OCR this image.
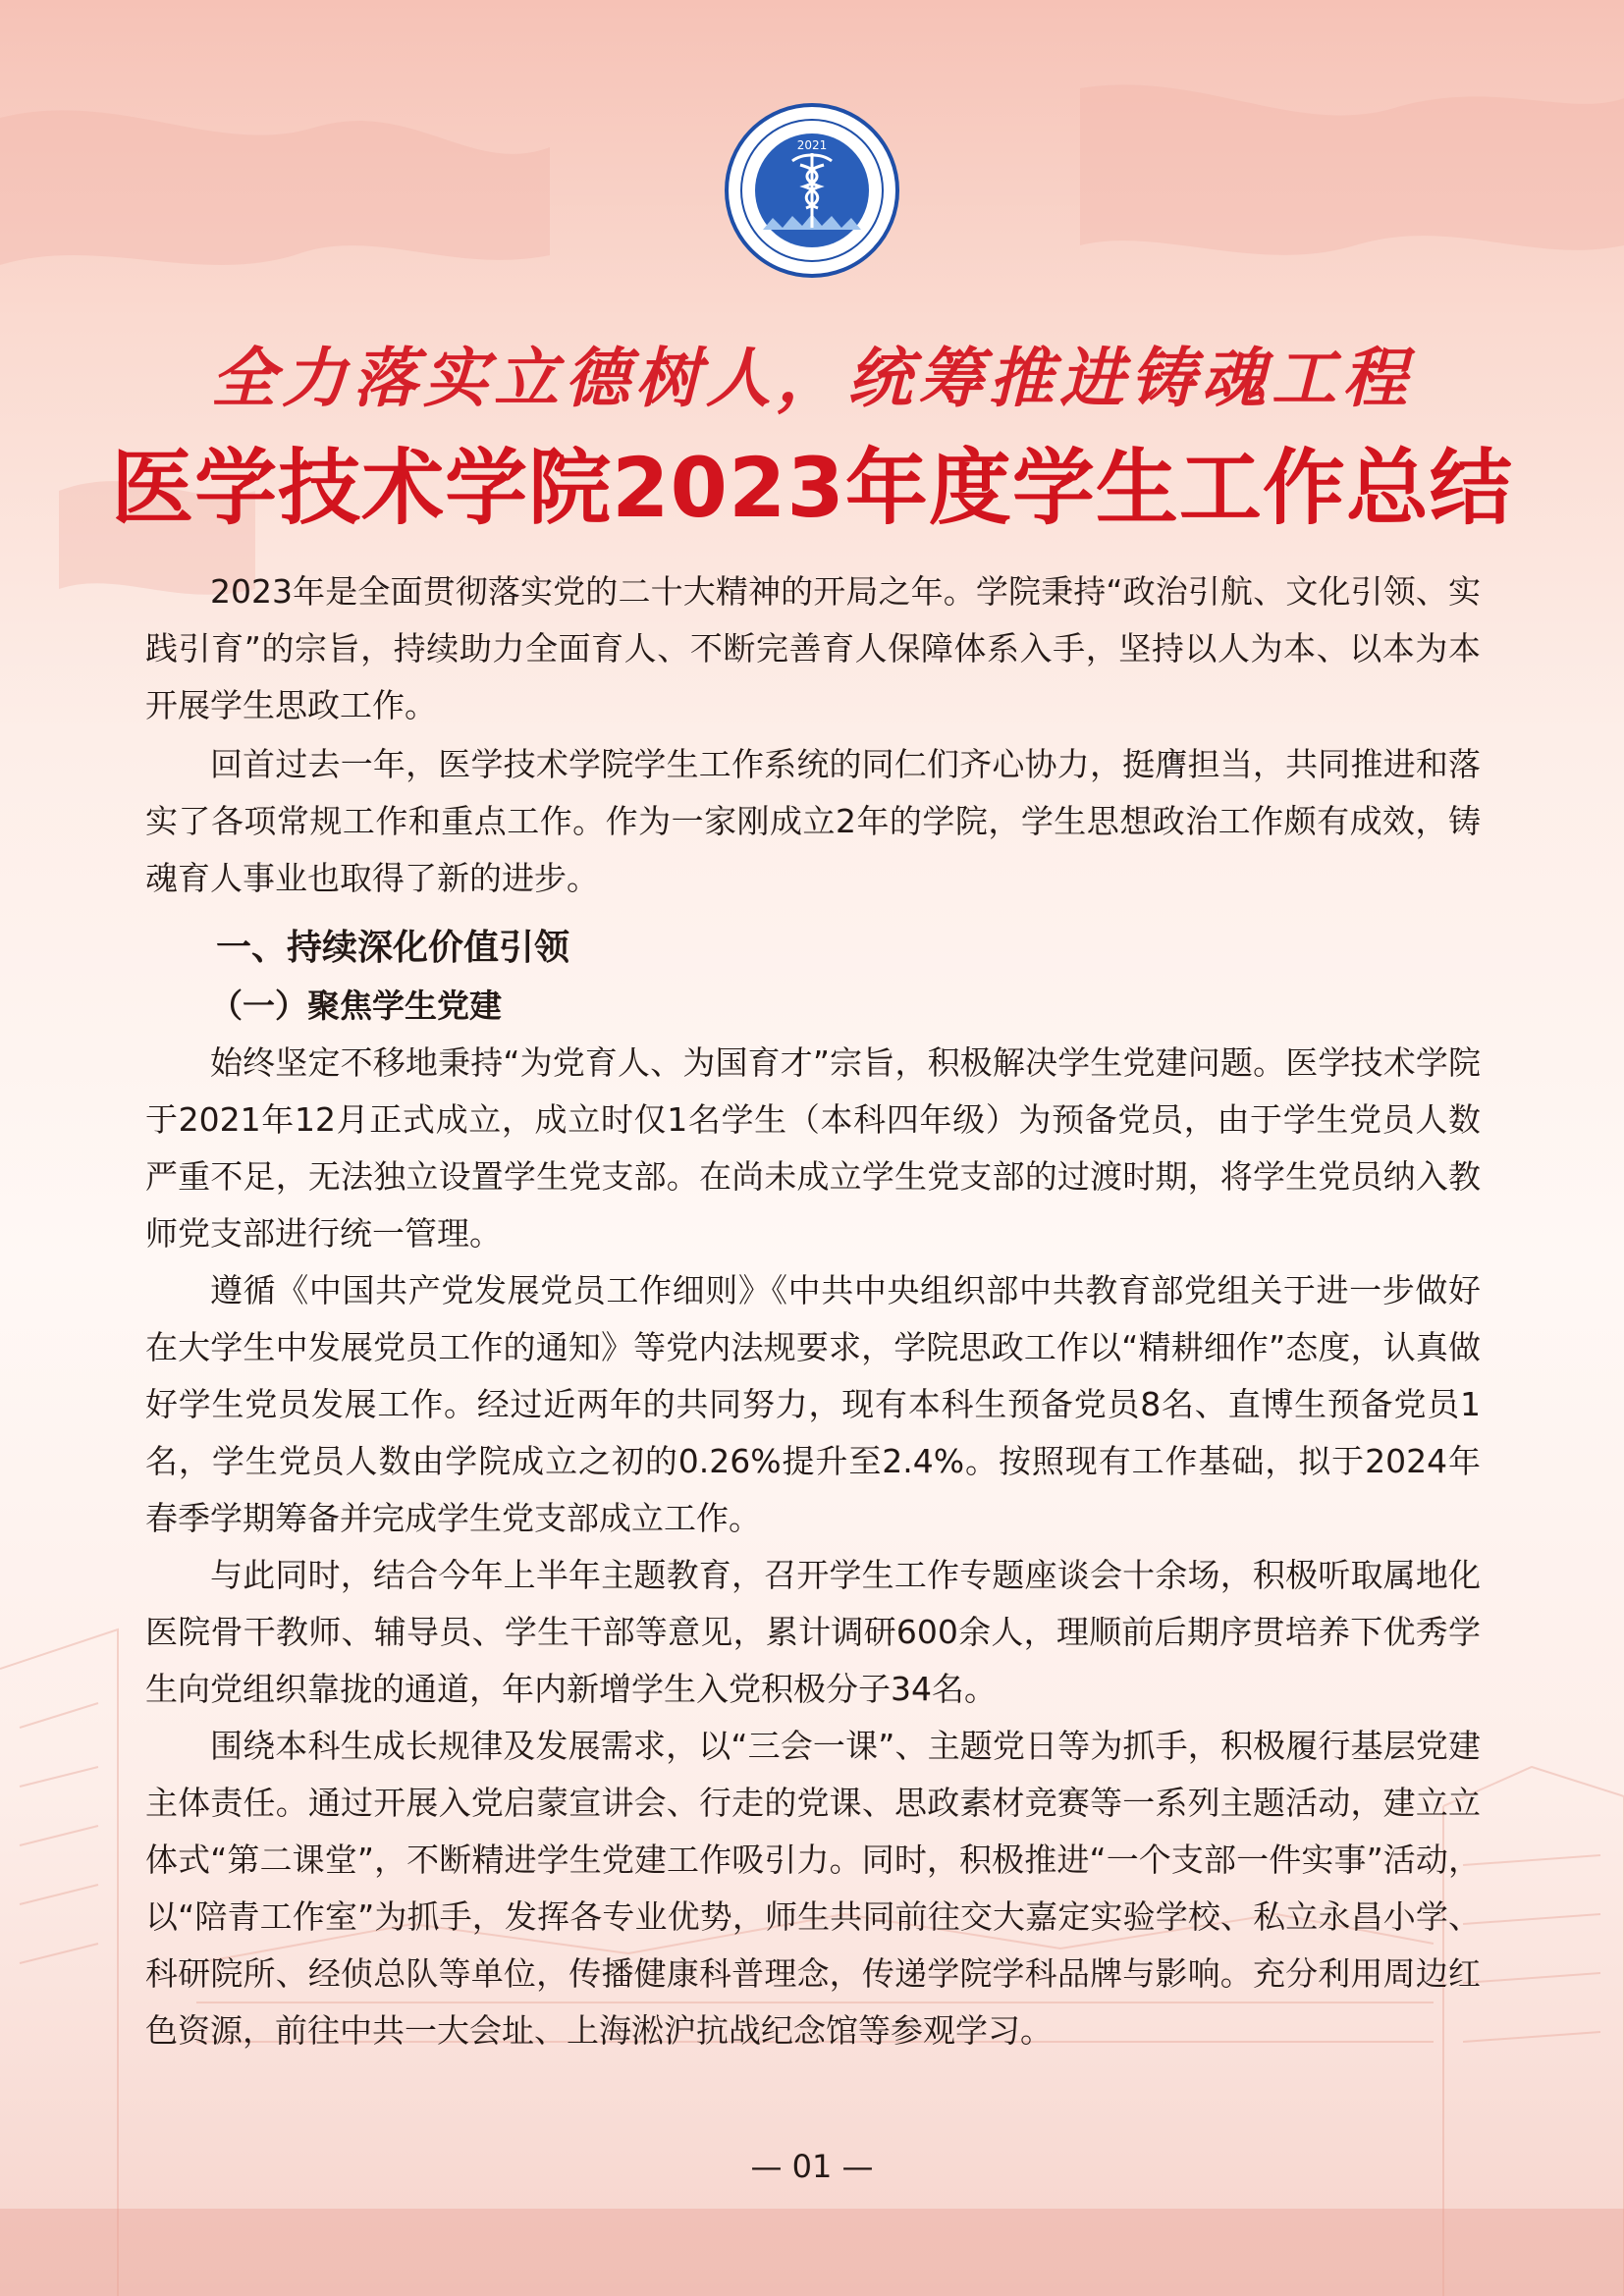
2021
全力落实立德树人，统筹推进铸魂工程
医学技术学院2023年度学生工作总结

2023年是全面贯彻落实党的二十大精神的开局之年。学院秉持“政治引航、文化引领、实践引育”的宗旨，持续助力全面育人、不断完善育人保障体系入手，坚持以人为本、以本为本开展学生思政工作。

回首过去一年，医学技术学院学生工作系统的同仁们齐心协力，挺膺担当，共同推进和落实了各项常规工作和重点工作。作为一家刚成立2年的学院，学生思想政治工作颇有成效，铸魂育人事业也取得了新的进步。

一、持续深化价值引领

（一）聚焦学生党建

始终坚定不移地秉持“为党育人、为国育才”宗旨，积极解决学生党建问题。医学技术学院于2021年12月正式成立，成立时仅1名学生（本科四年级）为预备党员，由于学生党员人数严重不足，无法独立设置学生党支部。在尚未成立学生党支部的过渡时期，将学生党员纳入教师党支部进行统一管理。

遵循《中国共产党发展党员工作细则》《中共中央组织部中共教育部党组关于进一步做好在大学生中发展党员工作的通知》等党内法规要求，学院思政工作以“精耕细作”态度，认真做好学生党员发展工作。经过近两年的共同努力，现有本科生预备党员8名、直博生预备党员1名，学生党员人数由学院成立之初的0.26%提升至2.4%。按照现有工作基础，拟于2024年春季学期筹备并完成学生党支部成立工作。

与此同时，结合今年上半年主题教育，召开学生工作专题座谈会十余场，积极听取属地化医院骨干教师、辅导员、学生干部等意见，累计调研600余人，理顺前后期序贯培养下优秀学生向党组织靠拢的通道，年内新增学生入党积极分子34名。

围绕本科生成长规律及发展需求，以“三会一课”、主题党日等为抓手，积极履行基层党建主体责任。通过开展入党启蒙宣讲会、行走的党课、思政素材竞赛等一系列主题活动，建立立体式“第二课堂”，不断精进学生党建工作吸引力。同时，积极推进“一个支部一件实事”活动，以“陪青工作室”为抓手，发挥各专业优势，师生共同前往交大嘉定实验学校、私立永昌小学、科研院所、经侦总队等单位，传播健康科普理念，传递学院学科品牌与影响。充分利用周边红色资源，前往中共一大会址、上海淞沪抗战纪念馆等参观学习。

— 01 —
